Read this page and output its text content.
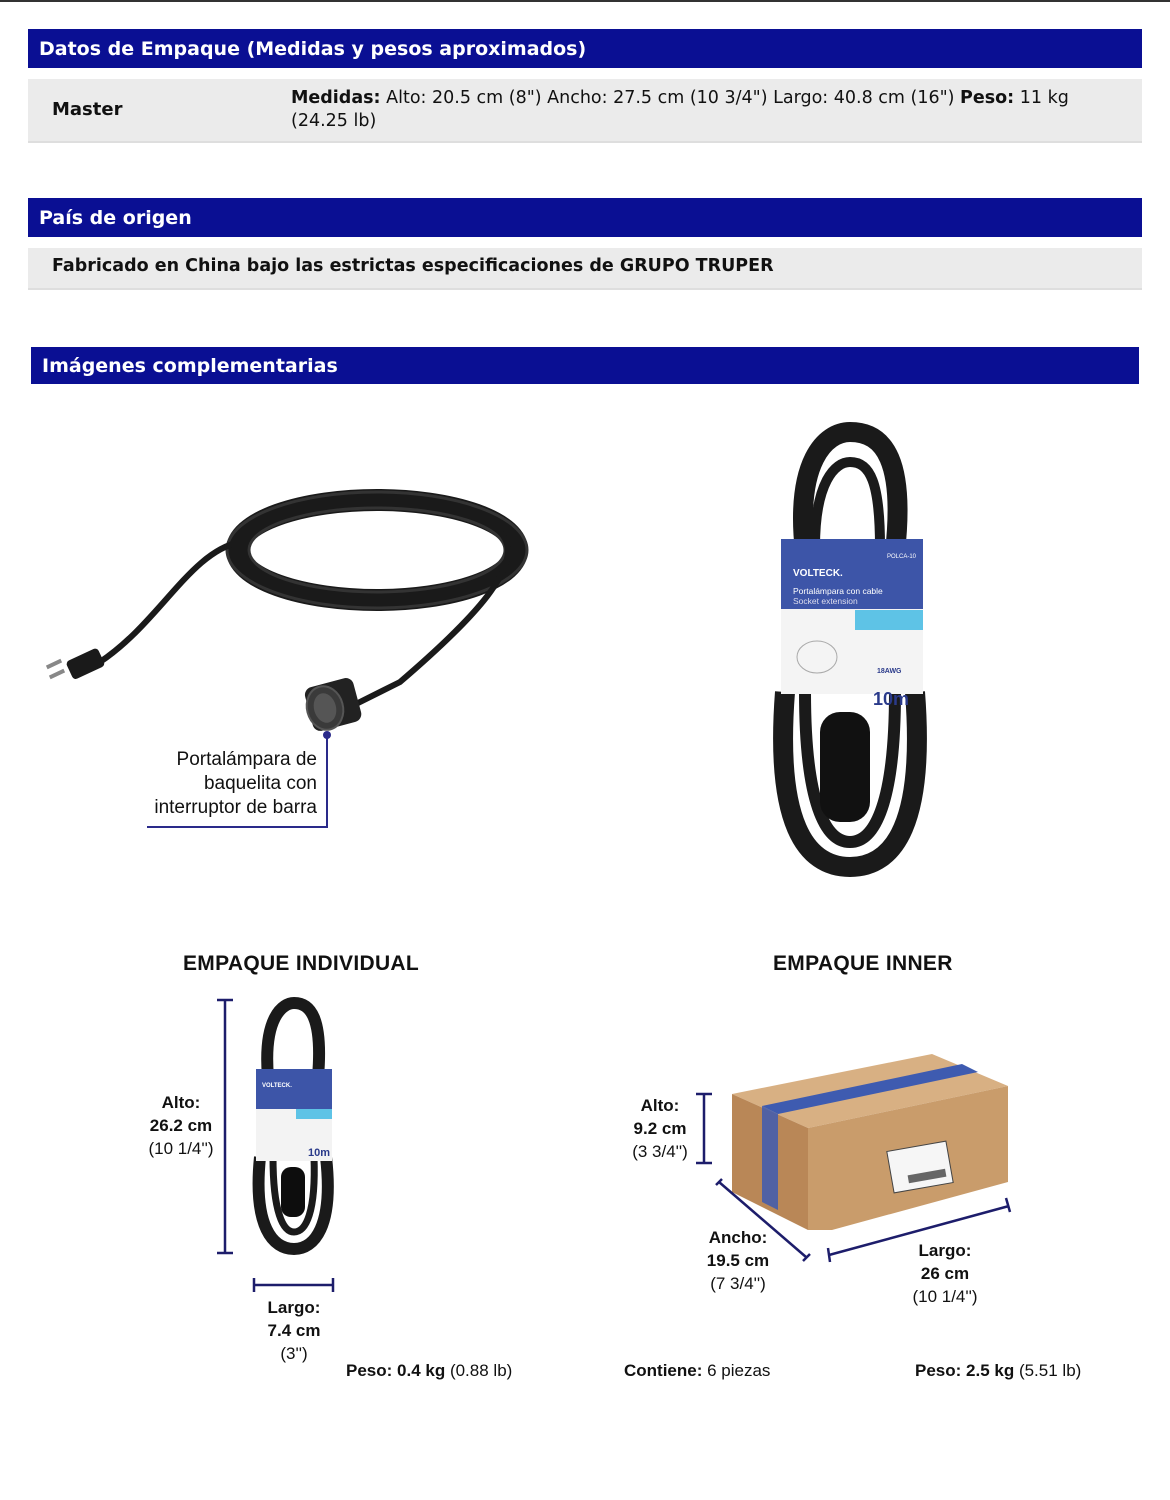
Datos de Empaque (Medidas y pesos aproximados)
Master
Medidas: Alto: 20.5 cm (8") Ancho: 27.5 cm (10 3/4") Largo: 40.8 cm (16") Peso: 11 kg (24.25 lb)
País de origen
Fabricado en China bajo las estrictas especificaciones de GRUPO TRUPER
Imágenes complementarias
Portalámpara de
baquelita con
interruptor de barra
VOLTECK.
POLCA-10
Portalámpara con cable
Socket extension
18AWG
10m
EMPAQUE INDIVIDUAL
Alto:
26.2 cm
(10 1/4'')
VOLTECK.
10m
Largo:
7.4 cm
(3'')
Peso: 0.4 kg (0.88 lb)
EMPAQUE INNER
Alto:
9.2 cm
(3 3/4'')
Ancho:
19.5 cm
(7 3/4'')
Largo:
26 cm
(10 1/4'')
Contiene: 6 piezas	Peso: 2.5 kg (5.51 lb)
